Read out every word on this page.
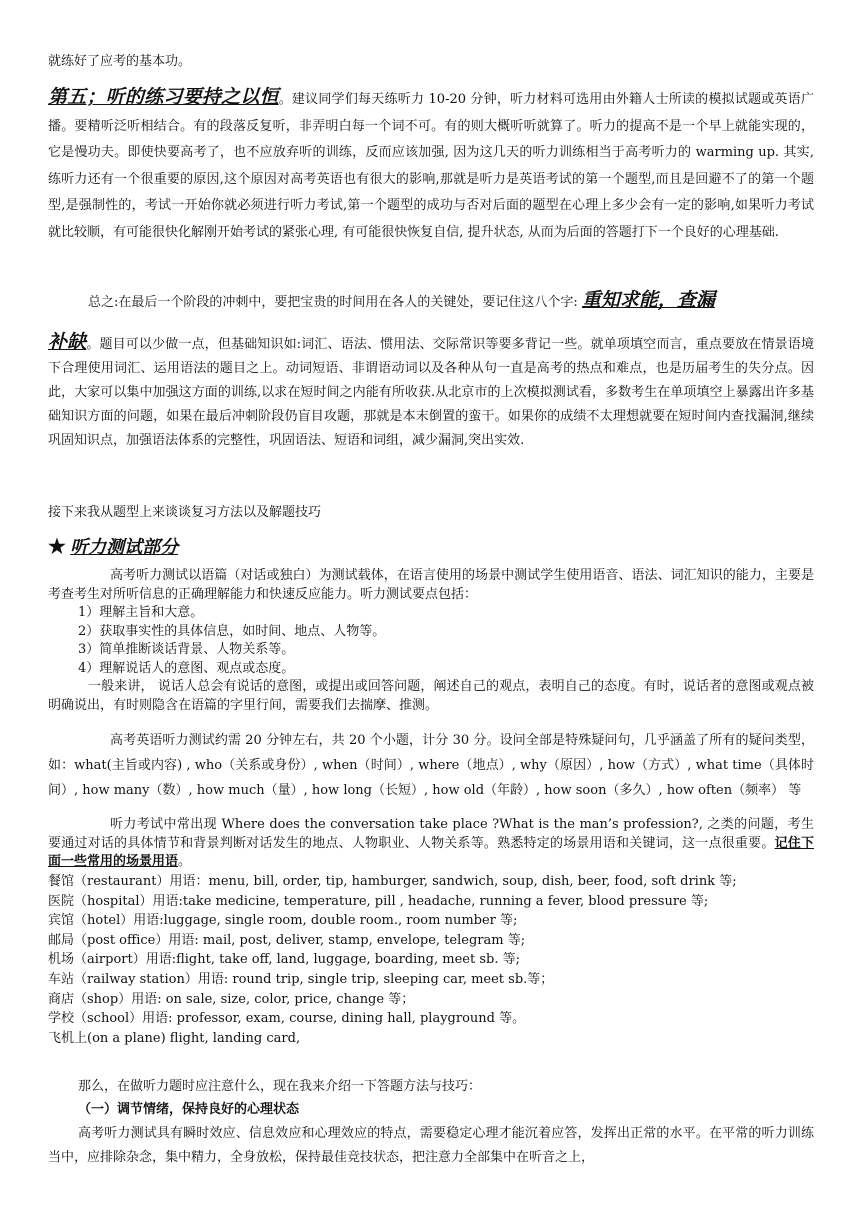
就练好了应考的基本功。

第五；听的练习要持之以恒。建议同学们每天练听力 10-20 分钟，听力材料可选用由外籍人士所读的模拟试题或英语广播。要精听泛听相结合。有的段落反复听，非弄明白每一个词不可。有的则大概听听就算了。听力的提高不是一个早上就能实现的，它是慢功夫。即使快要高考了，也不应放弃听的训练，反而应该加强, 因为这几天的听力训练相当于高考听力的 warming up. 其实,练听力还有一个很重要的原因,这个原因对高考英语也有很大的影响,那就是听力是英语考试的第一个题型,而且是回避不了的第一个题型,是强制性的，考试一开始你就必须进行听力考试,第一个题型的成功与否对后面的题型在心理上多少会有一定的影响,如果听力考试就比较顺，有可能很快化解刚开始考试的紧张心理, 有可能很快恢复自信, 提升状态, 从而为后面的答题打下一个良好的心理基础.

总之:在最后一个阶段的冲刺中，要把宝贵的时间用在各人的关键处，要记住这八个字: 重知求能，查漏

补缺。题目可以少做一点，但基础知识如:词汇、语法、惯用法、交际常识等要多背记一些。就单项填空而言，重点要放在情景语境下合理使用词汇、运用语法的题目之上。动词短语、非谓语动词以及各种从句一直是高考的热点和难点，也是历届考生的失分点。因此，大家可以集中加强这方面的训练,以求在短时间之内能有所收获.从北京市的上次模拟测试看，多数考生在单项填空上暴露出许多基础知识方面的问题，如果在最后冲刺阶段仍盲目攻题，那就是本末倒置的蛮干。如果你的成绩不太理想就要在短时间内查找漏洞,继续巩固知识点，加强语法体系的完整性，巩固语法、短语和词组，减少漏洞,突出实效.

接下来我从题型上来谈谈复习方法以及解题技巧

★ 听力测试部分

高考听力测试以语篇（对话或独白）为测试载体，在语言使用的场景中测试学生使用语音、语法、词汇知识的能力，主要是考查考生对所听信息的正确理解能力和快速反应能力。听力测试要点包括：

1）理解主旨和大意。
2）获取事实性的具体信息，如时间、地点、人物等。
3）简单推断谈话背景、人物关系等。
4）理解说话人的意图、观点或态度。

一般来讲， 说话人总会有说话的意图，或提出或回答问题，阐述自己的观点，表明自己的态度。有时，说话者的意图或观点被明确说出，有时则隐含在语篇的字里行间，需要我们去揣摩、推测。

高考英语听力测试约需 20 分钟左右，共 20 个小题，计分 30 分。设问全部是特殊疑问句，几乎涵盖了所有的疑问类型，如：what(主旨或内容) , who（关系或身份）, when（时间）, where（地点）, why（原因）, how（方式）, what time（具体时间）, how many（数）, how much（量）, how long（长短）, how old（年龄）, how soon（多久）, how often（频率） 等

听力考试中常出现 Where does the conversation take place ?What is the man’s profession?, 之类的问题，考生要通过对话的具体情节和背景判断对话发生的地点、人物职业、人物关系等。熟悉特定的场景用语和关键词，这一点很重要。记住下面一些常用的场景用语。

餐馆（restaurant）用语：menu, bill, order, tip, hamburger, sandwich, soup, dish, beer, food, soft drink 等;
医院（hospital）用语:take medicine, temperature, pill , headache, running a fever, blood pressure 等;
宾馆（hotel）用语:luggage, single room, double room., room number 等;
邮局（post office）用语: mail, post, deliver, stamp, envelope, telegram 等;
机场（airport）用语:flight, take off, land, luggage, boarding, meet sb. 等;
车站（railway station）用语: round trip, single trip, sleeping car, meet sb.等；
商店（shop）用语: on sale, size, color, price, change 等；
学校（school）用语: professor, exam, course, dining hall, playground 等。
飞机上(on a plane) flight, landing card,

那么，在做听力题时应注意什么，现在我来介绍一下答题方法与技巧：

（一）调节情绪，保持良好的心理状态

高考听力测试具有瞬时效应、信息效应和心理效应的特点，需要稳定心理才能沉着应答，发挥出正常的水平。在平常的听力训练当中，应排除杂念，集中精力，全身放松，保持最佳竞技状态，把注意力全部集中在听音之上，
